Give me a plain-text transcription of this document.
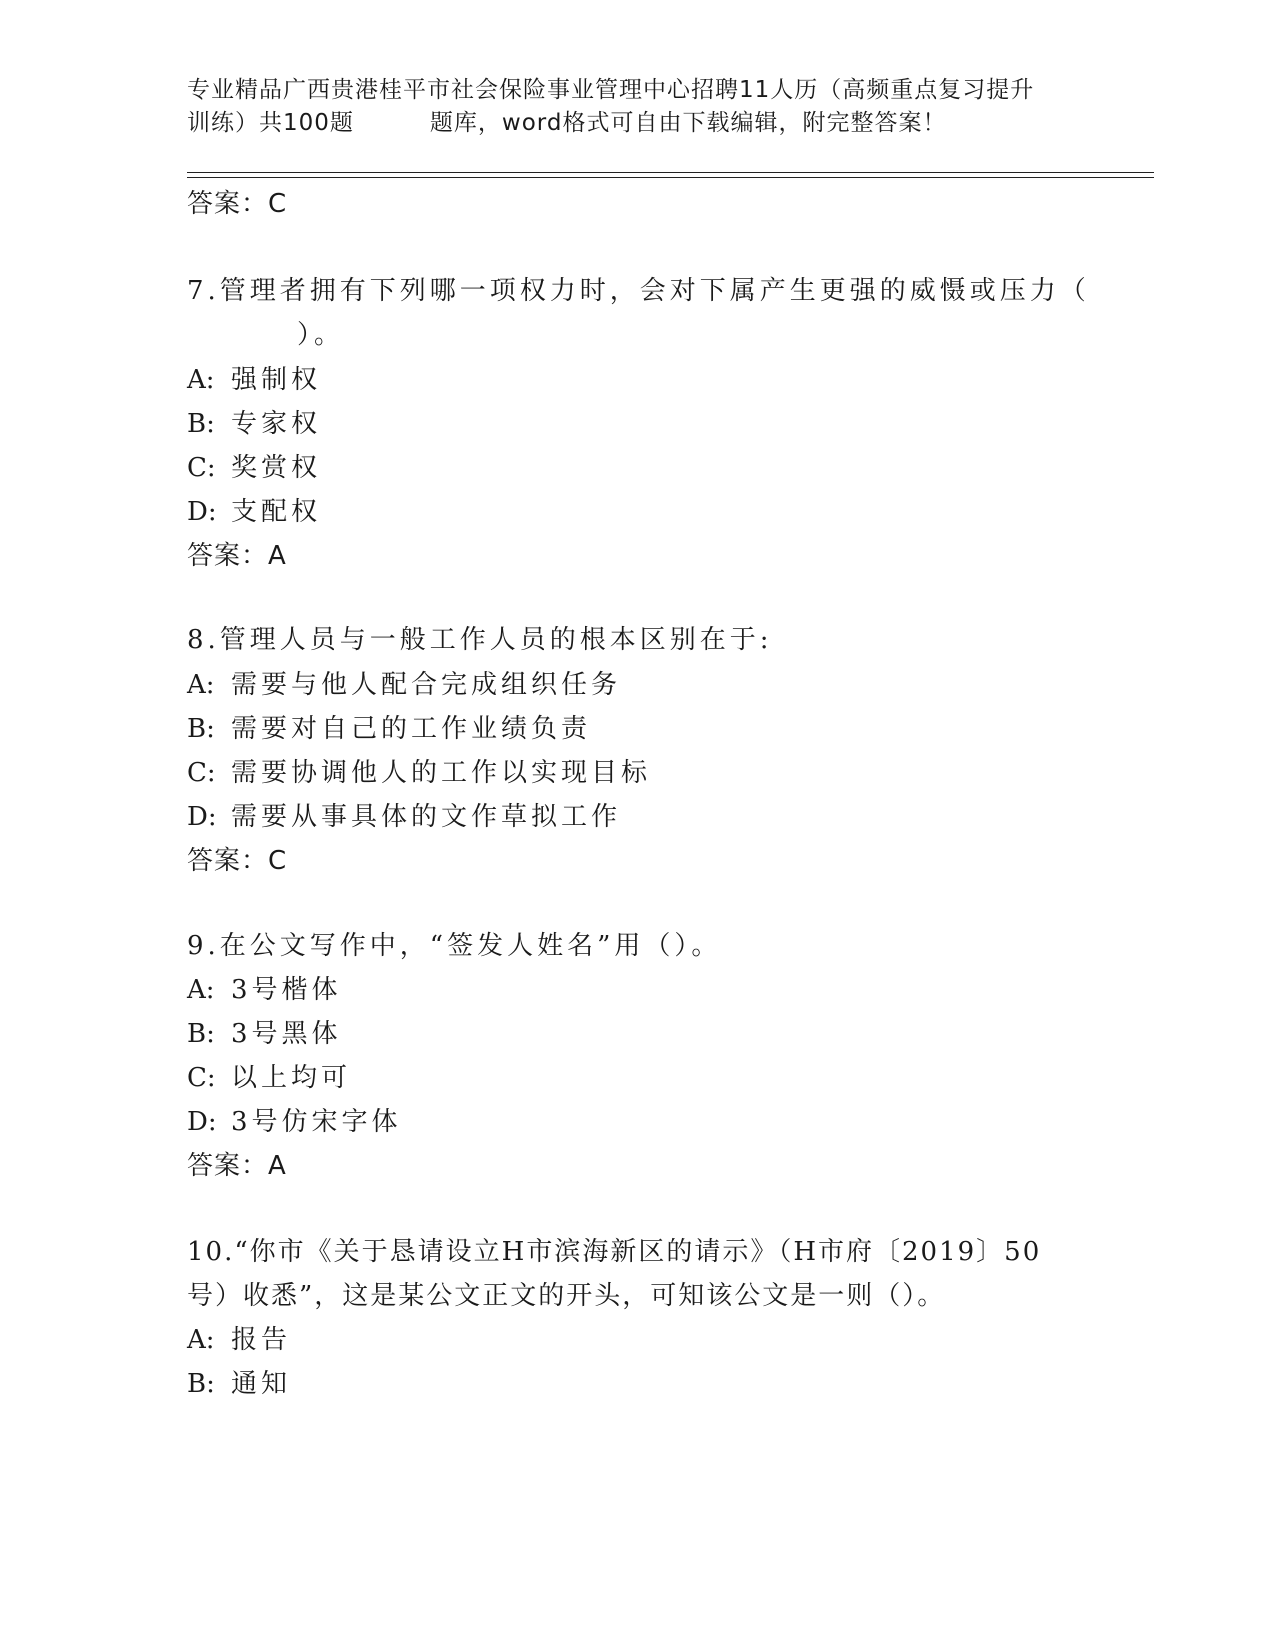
专业精品广西贵港桂平市社会保险事业管理中心招聘11人历（高频重点复习提升
训练）共100题	题库，word格式可自由下载编辑，附完整答案！
答案：C
7.管理者拥有下列哪一项权力时，会对下属产生更强的威慑或压力（
）。
A: 强制权
B: 专家权
C: 奖赏权
D: 支配权
答案：A
8.管理人员与一般工作人员的根本区别在于:
A: 需要与他人配合完成组织任务
B: 需要对自己的工作业绩负责
C: 需要协调他人的工作以实现目标
D: 需要从事具体的文作草拟工作
答案：C
9.在公文写作中，“签发人姓名”用（）。
A: 3号楷体
B: 3号黑体
C: 以上均可
D: 3号仿宋字体
答案：A
10.“你市《关于恳请设立H市滨海新区的请示》（H市府〔2019〕50
号）收悉”，这是某公文正文的开头，可知该公文是一则（）。
A: 报告
B: 通知
